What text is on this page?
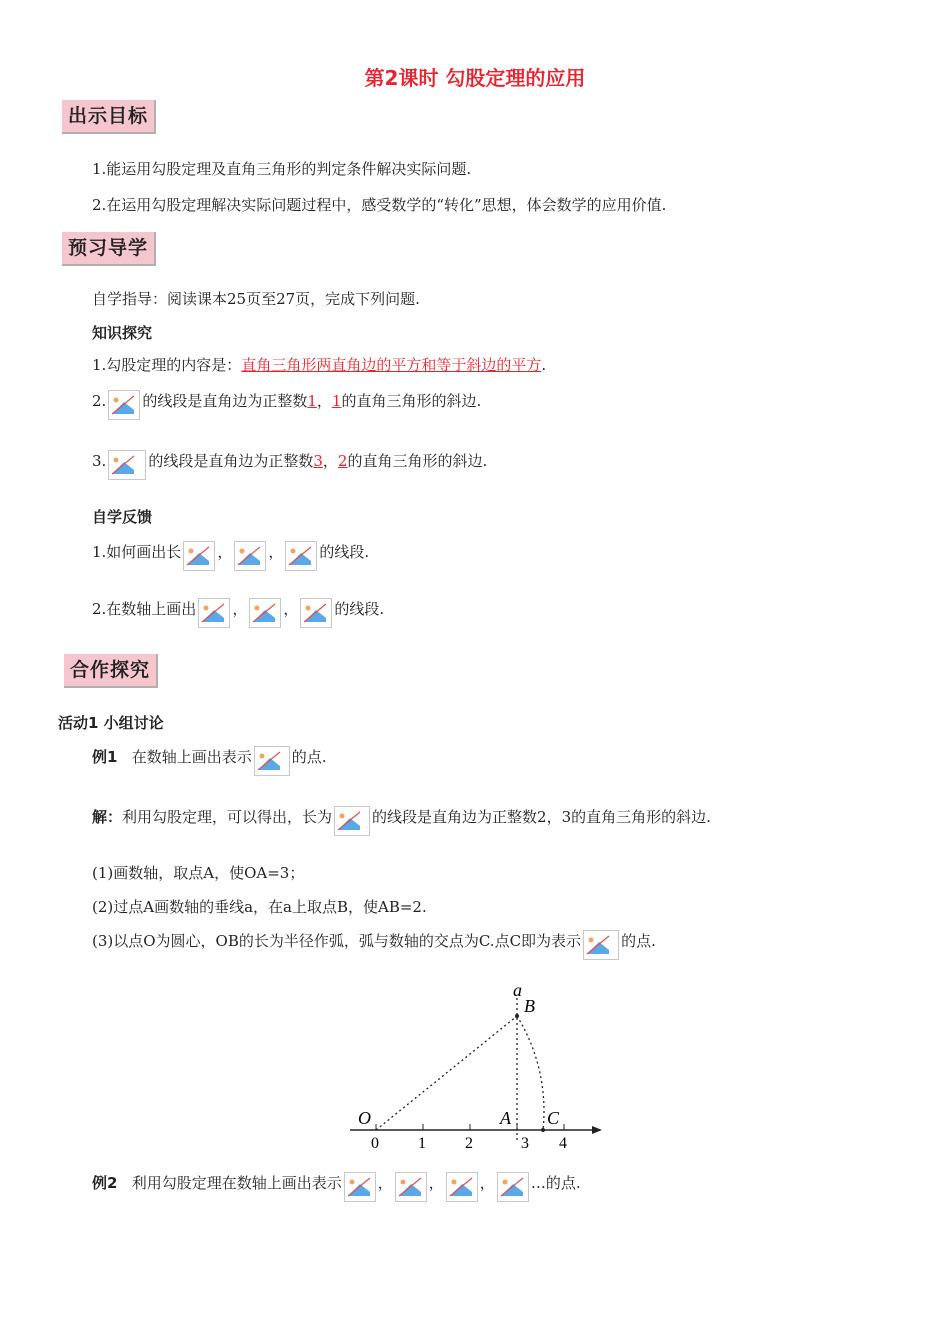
第2课时 勾股定理的应用
出示目标
1.能运用勾股定理及直角三角形的判定条件解决实际问题.
2.在运用勾股定理解决实际问题过程中，感受数学的“转化”思想，体会数学的应用价值.
预习导学
自学指导：阅读课本25页至27页，完成下列问题.
知识探究
1.勾股定理的内容是：直角三角形两直角边的平方和等于斜边的平方.
2. 的线段是直角边为正整数1，1的直角三角形的斜边.
3.	的线段是直角边为正整数3，2的直角三角形的斜边.
自学反馈
1.如何画出长 ， ， 的线段.
2.在数轴上画出 ， ， 的线段.
合作探究
活动1 小组讨论
例1 在数轴上画出表示	的点.
解：利用勾股定理，可以得出，长为	的线段是直角边为正整数2，3的直角三角形的斜边.
(1)画数轴，取点A，使OA=3；
(2)过点A画数轴的垂线a，在a上取点B，使AB=2.
(3)以点O为圆心，OB的长为半径作弧，弧与数轴的交点为C.点C即为表示	的点.
a
B
O	A C
0 1 2	3 4
例2 利用勾股定理在数轴上画出表示 ， ， ， …的点.
